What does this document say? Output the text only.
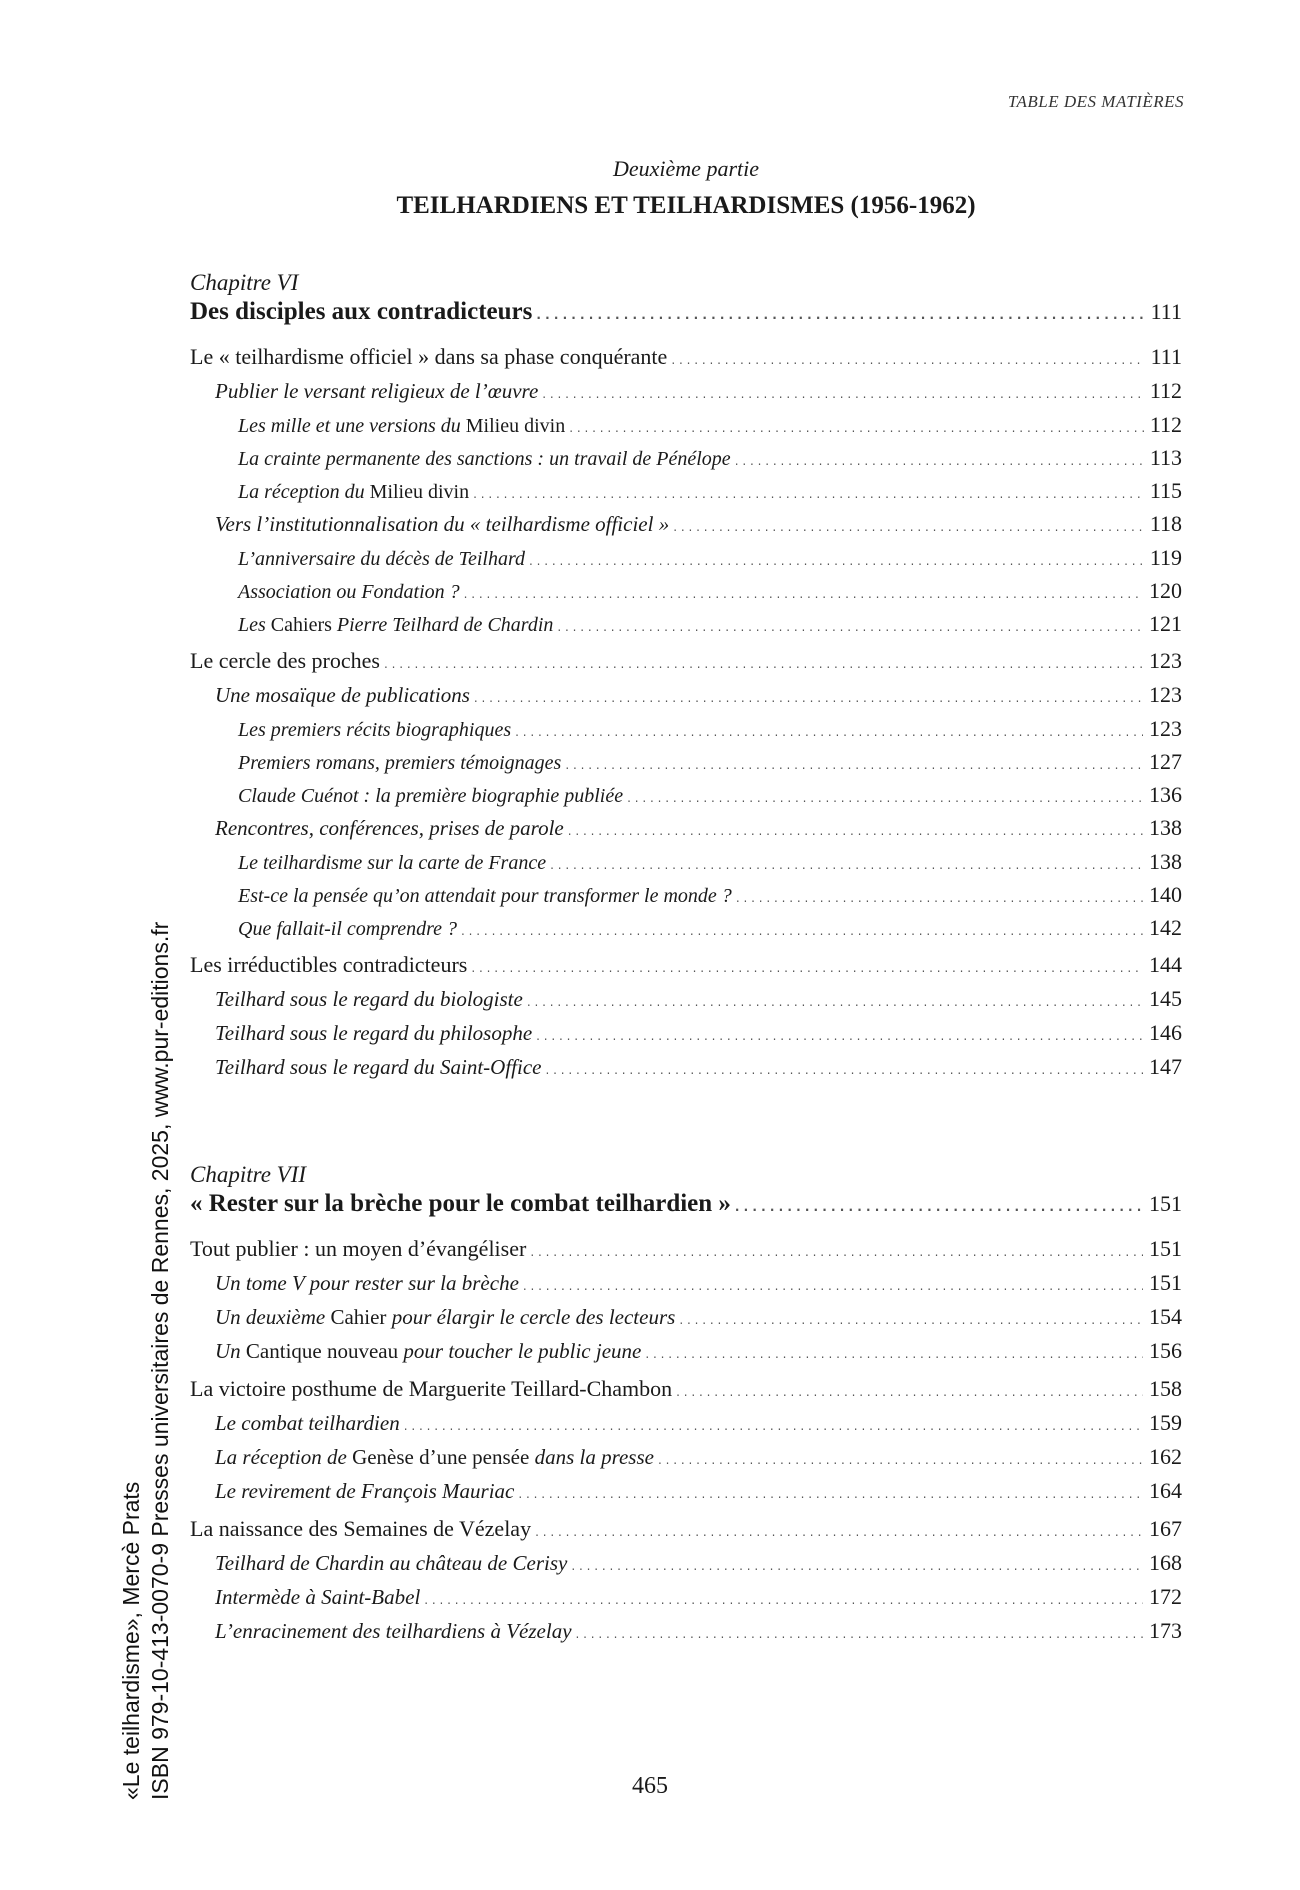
TABLE DES MATIÈRES
Deuxième partie
TEILHARDIENS ET TEILHARDISMES (1956-1962)
Chapitre VI
Des disciples aux contradicteurs . . .	111
Le « teilhardisme officiel » dans sa phase conquérante . . .	111
Publier le versant religieux de l’œuvre . . .	112
Les mille et une versions du Milieu divin . . .	112
La crainte permanente des sanctions : un travail de Pénélope . . .	113
La réception du Milieu divin . . .	115
Vers l’institutionnalisation du « teilhardisme officiel » . . .	118
L’anniversaire du décès de Teilhard . . .	119
Association ou Fondation ? . . .	120
Les Cahiers Pierre Teilhard de Chardin . . .	121
Le cercle des proches . . .	123
Une mosaïque de publications . . .	123
Les premiers récits biographiques . . .	123
Premiers romans, premiers témoignages . . .	127
Claude Cuénot : la première biographie publiée . . .	136
Rencontres, conférences, prises de parole . . .	138
Le teilhardisme sur la carte de France . . .	138
Est-ce la pensée qu’on attendait pour transformer le monde ? . . .	140
Que fallait-il comprendre ? . . .	142
Les irréductibles contradicteurs . . .	144
Teilhard sous le regard du biologiste . . .	145
Teilhard sous le regard du philosophe . . .	146
Teilhard sous le regard du Saint-Office . . .	147
Chapitre VII
« Rester sur la brèche pour le combat teilhardien » . . .	151
Tout publier : un moyen d’évangéliser . . .	151
Un tome V pour rester sur la brèche . . .	151
Un deuxième Cahier pour élargir le cercle des lecteurs . . .	154
Un Cantique nouveau pour toucher le public jeune . . .	156
La victoire posthume de Marguerite Teillard-Chambon . . .	158
Le combat teilhardien . . .	159
La réception de Genèse d’une pensée dans la presse . . .	162
Le revirement de François Mauriac . . .	164
La naissance des Semaines de Vézelay . . .	167
Teilhard de Chardin au château de Cerisy . . .	168
Intermède à Saint-Babel . . .	172
L’enracinement des teilhardiens à Vézelay . . .	173
465
«Le teilhardisme», Mercè Prats ISBN 979-10-413-0070-9 Presses universitaires de Rennes, 2025, www.pur-editions.fr
